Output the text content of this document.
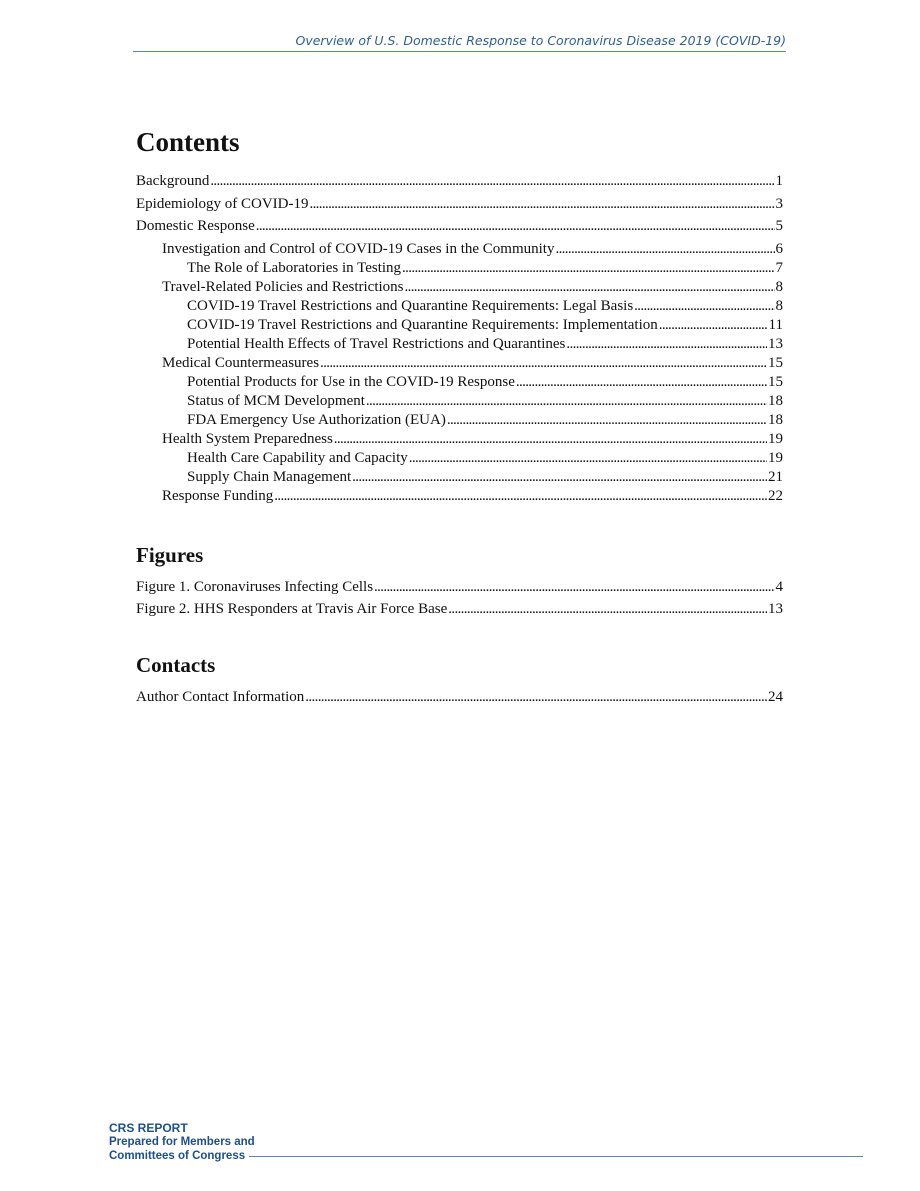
Overview of U.S. Domestic Response to Coronavirus Disease 2019 (COVID-19)
Contents
Background . . .	1
Epidemiology of COVID-19 . . .	3
Domestic Response . . .	5
Investigation and Control of COVID-19 Cases in the Community . . .	6
The Role of Laboratories in Testing . . .	7
Travel-Related Policies and Restrictions . . .	8
COVID-19 Travel Restrictions and Quarantine Requirements: Legal Basis . . .	8
COVID-19 Travel Restrictions and Quarantine Requirements: Implementation . . .	11
Potential Health Effects of Travel Restrictions and Quarantines . . .	13
Medical Countermeasures . . .	15
Potential Products for Use in the COVID-19 Response . . .	15
Status of MCM Development . . .	18
FDA Emergency Use Authorization (EUA) . . .	18
Health System Preparedness . . .	19
Health Care Capability and Capacity . . .	19
Supply Chain Management . . .	21
Response Funding . . .	22
Figures
Figure 1. Coronaviruses Infecting Cells . . .	4
Figure 2. HHS Responders at Travis Air Force Base . . .	13
Contacts
Author Contact Information . . .	24
CRS REPORT
Prepared for Members and
Committees of Congress
